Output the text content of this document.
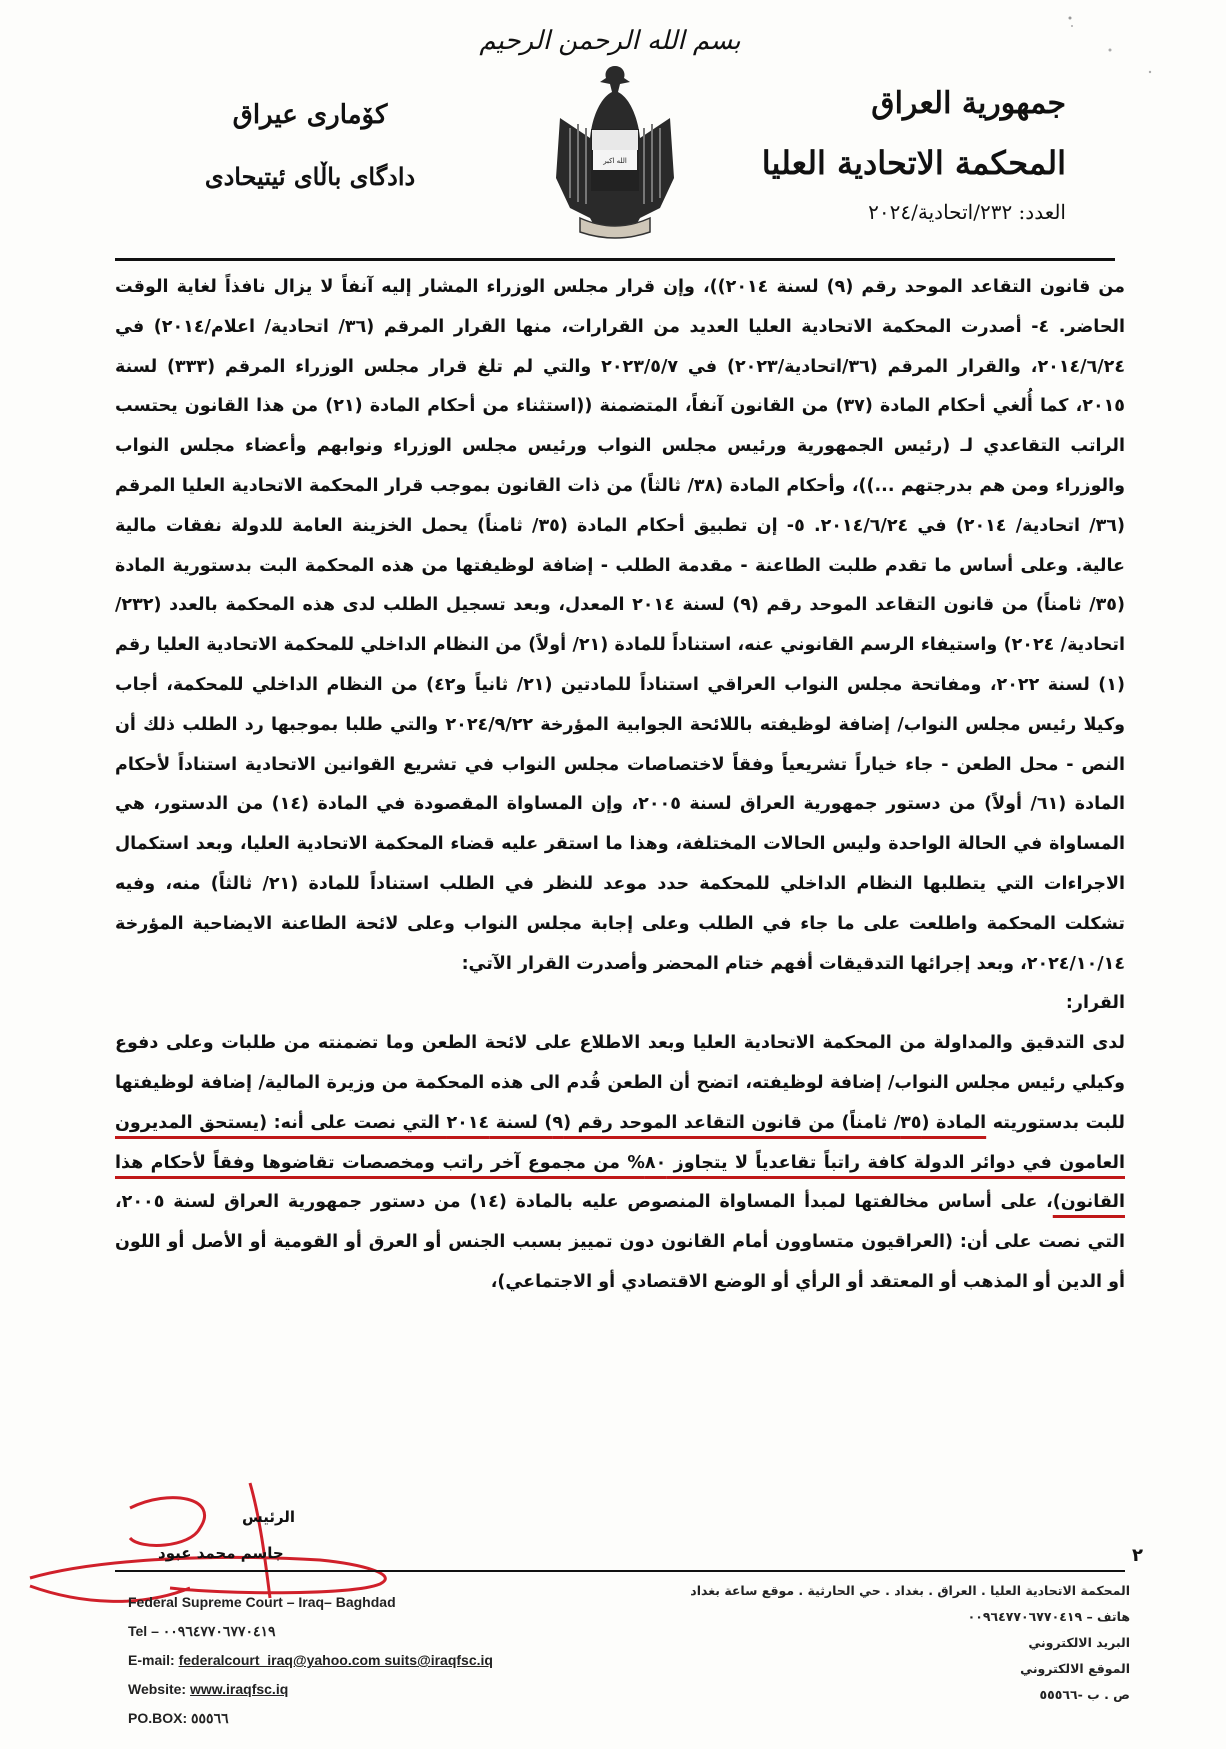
بسم الله الرحمن الرحيم
جمهورية العراق
المحكمة الاتحادية العليا
العدد: ٢٣٢/اتحادية/٢٠٢٤
كۆمارى عيراق
دادگاى باڵاى ئيتيحادى
الله اكبر

من قانون التقاعد الموحد رقم (٩) لسنة ٢٠١٤))، وإن قرار مجلس الوزراء المشار إليه آنفاً لا يزال نافذاً لغاية الوقت الحاضر. ٤- أصدرت المحكمة الاتحادية العليا العديد من القرارات، منها القرار المرقم (٣٦/ اتحادية/ اعلام/٢٠١٤) في ٢٠١٤/٦/٢٤، والقرار المرقم (٣٦/اتحادية/٢٠٢٣) في ٢٠٢٣/٥/٧ والتي لم تلغ قرار مجلس الوزراء المرقم (٣٣٣) لسنة ٢٠١٥، كما أُلغي أحكام المادة (٣٧) من القانون آنفاً، المتضمنة ((استثناء من أحكام المادة (٢١) من هذا القانون يحتسب الراتب التقاعدي لـ (رئيس الجمهورية ورئيس مجلس النواب ورئيس مجلس الوزراء ونوابهم وأعضاء مجلس النواب والوزراء ومن هم بدرجتهم ...))، وأحكام المادة (٣٨/ ثالثاً) من ذات القانون بموجب قرار المحكمة الاتحادية العليا المرقم (٣٦/ اتحادية/ ٢٠١٤) في ٢٠١٤/٦/٢٤. ٥- إن تطبيق أحكام المادة (٣٥/ ثامناً) يحمل الخزينة العامة للدولة نفقات مالية عالية. وعلى أساس ما تقدم طلبت الطاعنة - مقدمة الطلب - إضافة لوظيفتها من هذه المحكمة البت بدستورية المادة (٣٥/ ثامناً) من قانون التقاعد الموحد رقم (٩) لسنة ٢٠١٤ المعدل، وبعد تسجيل الطلب لدى هذه المحكمة بالعدد (٢٣٢/ اتحادية/ ٢٠٢٤) واستيفاء الرسم القانوني عنه، استناداً للمادة (٢١/ أولاً) من النظام الداخلي للمحكمة الاتحادية العليا رقم (١) لسنة ٢٠٢٢، ومفاتحة مجلس النواب العراقي استناداً للمادتين (٢١/ ثانياً و٤٢) من النظام الداخلي للمحكمة، أجاب وكيلا رئيس مجلس النواب/ إضافة لوظيفته باللائحة الجوابية المؤرخة ٢٠٢٤/٩/٢٢ والتي طلبا بموجبها رد الطلب ذلك أن النص - محل الطعن - جاء خياراً تشريعياً وفقاً لاختصاصات مجلس النواب في تشريع القوانين الاتحادية استناداً لأحكام المادة (٦١/ أولاً) من دستور جمهورية العراق لسنة ٢٠٠٥، وإن المساواة المقصودة في المادة (١٤) من الدستور، هي المساواة في الحالة الواحدة وليس الحالات المختلفة، وهذا ما استقر عليه قضاء المحكمة الاتحادية العليا، وبعد استكمال الاجراءات التي يتطلبها النظام الداخلي للمحكمة حدد موعد للنظر في الطلب استناداً للمادة (٢١/ ثالثاً) منه، وفيه تشكلت المحكمة واطلعت على ما جاء في الطلب وعلى إجابة مجلس النواب وعلى لائحة الطاعنة الايضاحية المؤرخة ٢٠٢٤/١٠/١٤، وبعد إجرائها التدقيقات أفهم ختام المحضر وأصدرت القرار الآتي:

القرار:

لدى التدقيق والمداولة من المحكمة الاتحادية العليا وبعد الاطلاع على لائحة الطعن وما تضمنته من طلبات وعلى دفوع وكيلي رئيس مجلس النواب/ إضافة لوظيفته، اتضح أن الطعن قُدم الى هذه المحكمة من وزيرة المالية/ إضافة لوظيفتها للبت بدستوريته المادة (٣٥/ ثامناً) من قانون التقاعد الموحد رقم (٩) لسنة ٢٠١٤ التي نصت على أنه: (يستحق المديرون العامون في دوائر الدولة كافة راتباً تقاعدياً لا يتجاوز ٨٠% من مجموع آخر راتب ومخصصات تقاضوها وفقاً لأحكام هذا القانون)، على أساس مخالفتها لمبدأ المساواة المنصوص عليه بالمادة (١٤) من دستور جمهورية العراق لسنة ٢٠٠٥، التي نصت على أن: (العراقيون متساوون أمام القانون دون تمييز بسبب الجنس أو العرق أو القومية أو الأصل أو اللون أو الدين أو المذهب أو المعتقد أو الرأي أو الوضع الاقتصادي أو الاجتماعي)،

الرئيس
جاسم محمد عبود	٢
Federal Supreme Court – Iraq– Baghdad
Tel – ٠٠٩٦٤٧٧٠٦٧٧٠٤١٩
E-mail: federalcourt_iraq@yahoo.com suits@iraqfsc.iq
Website: www.iraqfsc.iq
PO.BOX: ٥٥٥٦٦
المحكمة الاتحادية العليا . العراق . بغداد . حي الحارثية . موقع ساعة بغداد
هاتف – ٠٠٩٦٤٧٧٠٦٧٧٠٤١٩
البريد الالكتروني
الموقع الالكتروني
ص . ب -٥٥٥٦٦
